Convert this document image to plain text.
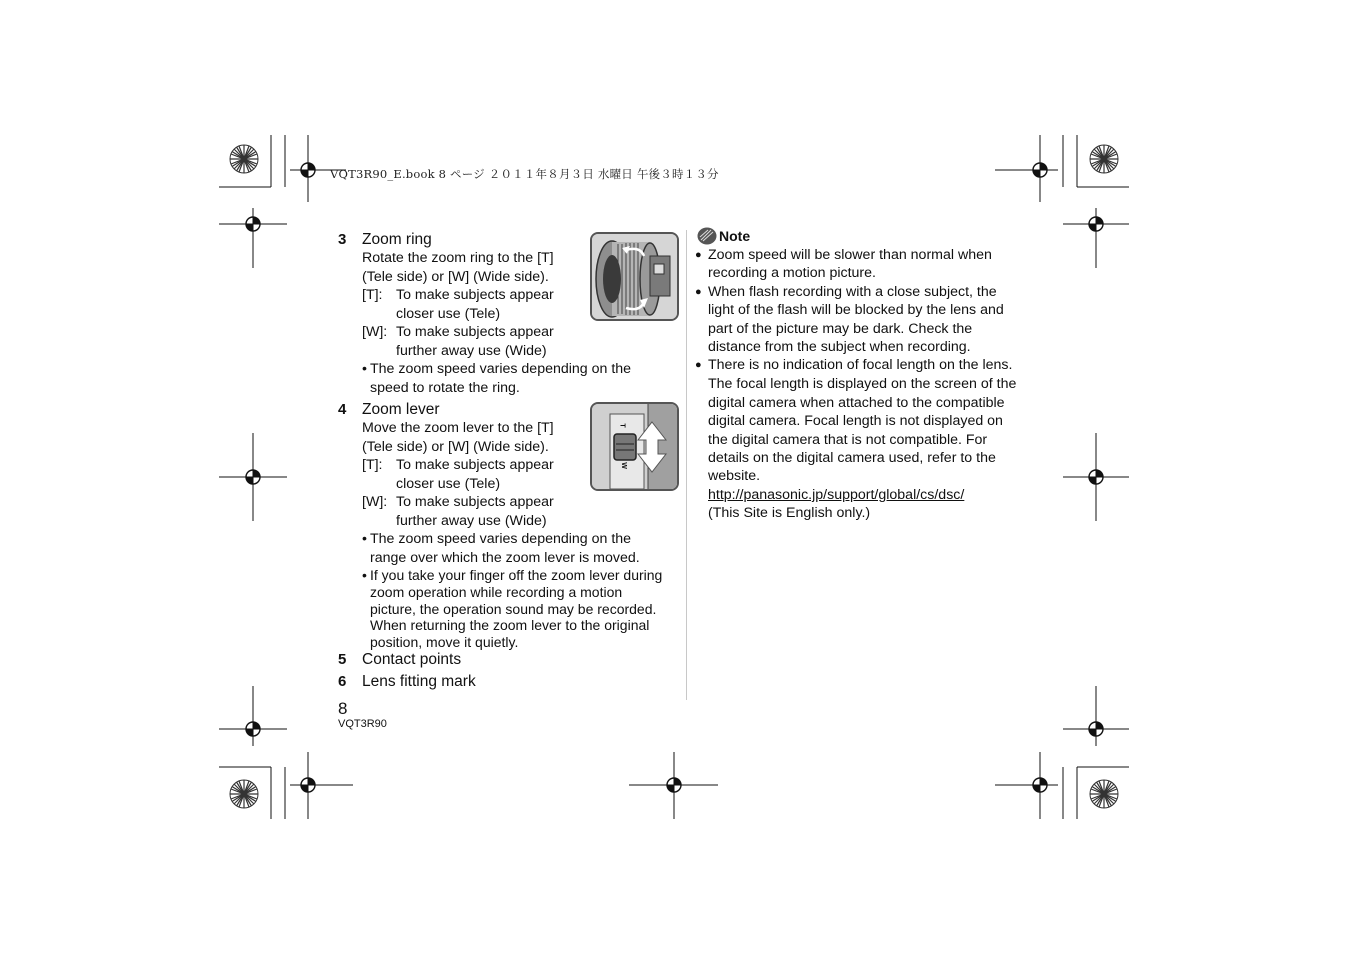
VQT3R90_E.book 8 ページ ２０１１年８月３日 水曜日 午後３時１３分
3 Zoom ring
Rotate the zoom ring to the [T]
(Tele side) or [W] (Wide side).
[T]: To make subjects appear
closer use (Tele)
[W]: To make subjects appear
further away use (Wide)
• The zoom speed varies depending on the
speed to rotate the ring.
4 Zoom lever
Move the zoom lever to the [T]
(Tele side) or [W] (Wide side).
[T]: To make subjects appear
closer use (Tele)
[W]: To make subjects appear
further away use (Wide)
• The zoom speed varies depending on the
range over which the zoom lever is moved.
• If you take your finger off the zoom lever during
zoom operation while recording a motion
picture, the operation sound may be recorded.
When returning the zoom lever to the original
position, move it quietly.
T
W
5 Contact points
6 Lens fitting mark
8
VQT3R90
Note
● Zoom speed will be slower than normal when
recording a motion picture.
● When flash recording with a close subject, the
light of the flash will be blocked by the lens and
part of the picture may be dark. Check the
distance from the subject when recording.
● There is no indication of focal length on the lens.
The focal length is displayed on the screen of the
digital camera when attached to the compatible
digital camera. Focal length is not displayed on
the digital camera that is not compatible. For
details on the digital camera used, refer to the
website.
http://panasonic.jp/support/global/cs/dsc/
(This Site is English only.)
